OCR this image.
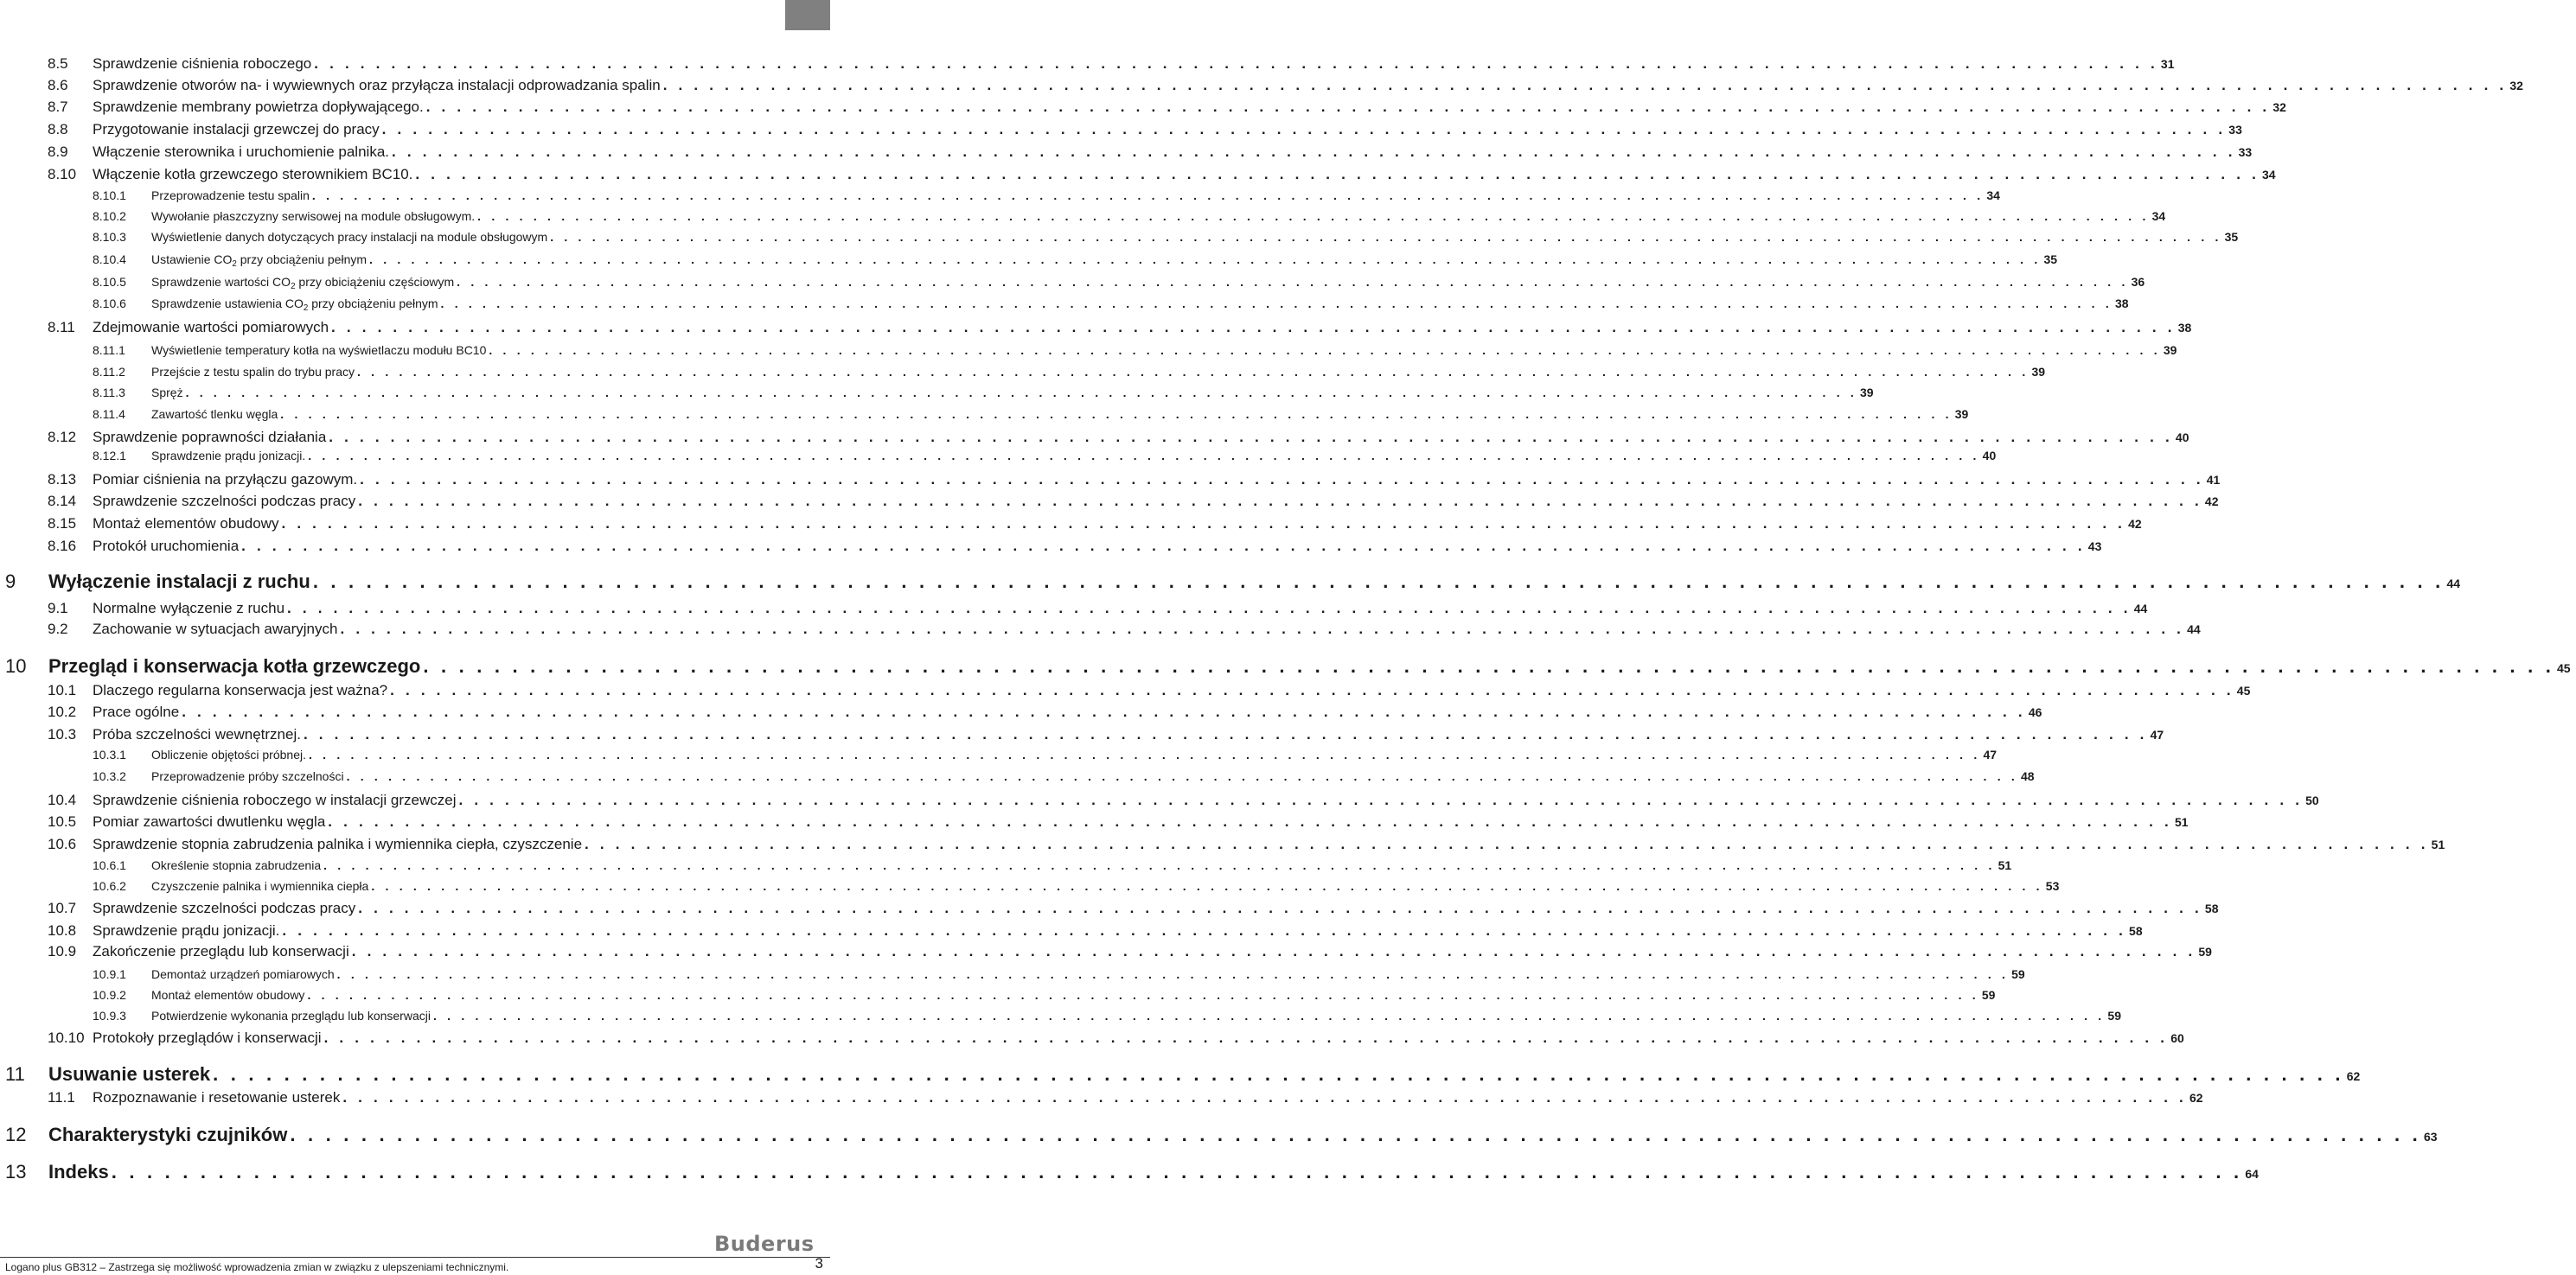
8.5	Sprawdzenie ciśnienia roboczego . . . . . . . . . . . . . . . . . . . . . . . . . . . . . . . . . . . . . . . . . . . . . . . . . . . . . . . . . . . . . . . . . . . . . . . . . . . . . . . . . . . . . . . . . . . . . . . . . . . . . . . . . . . . . . . . . . . . . . . . 31
8.6	Sprawdzenie otworów na- i wywiewnych oraz przyłącza instalacji odprowadzania spalin . . . . . . . . . . . . . . . . . . . . . . . . . . . . . . . . . . . . . . . . . . . . . . . . . . . . . . . . . . . . . . . . . . . . . . . . . . . . . . . . . . . . . . . . . . . . . . . . . . . . . . . . . . . . . . . . . . . . . . . . 32
8.7	Sprawdzenie membrany powietrza dopływającego. . . . . . . . . . . . . . . . . . . . . . . . . . . . . . . . . . . . . . . . . . . . . . . . . . . . . . . . . . . . . . . . . . . . . . . . . . . . . . . . . . . . . . . . . . . . . . . . . . . . . . . . . . . . . . . . . . . . . . . . . 32
8.8	Przygotowanie instalacji grzewczej do pracy . . . . . . . . . . . . . . . . . . . . . . . . . . . . . . . . . . . . . . . . . . . . . . . . . . . . . . . . . . . . . . . . . . . . . . . . . . . . . . . . . . . . . . . . . . . . . . . . . . . . . . . . . . . . . . . . . . . . . . . . 33
8.9	Włączenie sterownika i uruchomienie palnika. . . . . . . . . . . . . . . . . . . . . . . . . . . . . . . . . . . . . . . . . . . . . . . . . . . . . . . . . . . . . . . . . . . . . . . . . . . . . . . . . . . . . . . . . . . . . . . . . . . . . . . . . . . . . . . . . . . . . . . . . 33
8.10	Włączenie kotła grzewczego sterownikiem BC10. . . . . . . . . . . . . . . . . . . . . . . . . . . . . . . . . . . . . . . . . . . . . . . . . . . . . . . . . . . . . . . . . . . . . . . . . . . . . . . . . . . . . . . . . . . . . . . . . . . . . . . . . . . . . . . . . . . . . . . . . 34
8.10.1	Przeprowadzenie testu spalin . . . . . . . . . . . . . . . . . . . . . . . . . . . . . . . . . . . . . . . . . . . . . . . . . . . . . . . . . . . . . . . . . . . . . . . . . . . . . . . . . . . . . . . . . . . . . . . . . . . . . . . . . . . . . . . . . . . . . . . . 34
8.10.2	Wywołanie płaszczyzny serwisowej na module obsługowym. . . . . . . . . . . . . . . . . . . . . . . . . . . . . . . . . . . . . . . . . . . . . . . . . . . . . . . . . . . . . . . . . . . . . . . . . . . . . . . . . . . . . . . . . . . . . . . . . . . . . . . . . . . . . . . . . . . . . . . . . 34
8.10.3	Wyświetlenie danych dotyczących pracy instalacji na module obsługowym . . . . . . . . . . . . . . . . . . . . . . . . . . . . . . . . . . . . . . . . . . . . . . . . . . . . . . . . . . . . . . . . . . . . . . . . . . . . . . . . . . . . . . . . . . . . . . . . . . . . . . . . . . . . . . . . . . . . . . . . 35
8.10.4	Ustawienie $CO_2$ przy obciążeniu pełnym . . . . . . . . . . . . . . . . . . . . . . . . . . . . . . . . . . . . . . . . . . . . . . . . . . . . . . . . . . . . . . . . . . . . . . . . . . . . . . . . . . . . . . . . . . . . . . . . . . . . . . . . . . . . . . . . . . . . . . . . 35
8.10.5	Sprawdzenie wartości $CO_2$ przy obiciążeniu częściowym . . . . . . . . . . . . . . . . . . . . . . . . . . . . . . . . . . . . . . . . . . . . . . . . . . . . . . . . . . . . . . . . . . . . . . . . . . . . . . . . . . . . . . . . . . . . . . . . . . . . . . . . . . . . . . . . . . . . . . . . 36
8.10.6	Sprawdzenie ustawienia $CO_2$ przy obciążeniu pełnym . . . . . . . . . . . . . . . . . . . . . . . . . . . . . . . . . . . . . . . . . . . . . . . . . . . . . . . . . . . . . . . . . . . . . . . . . . . . . . . . . . . . . . . . . . . . . . . . . . . . . . . . . . . . . . . . . . . . . . . . 38
8.11	Zdejmowanie wartości pomiarowych . . . . . . . . . . . . . . . . . . . . . . . . . . . . . . . . . . . . . . . . . . . . . . . . . . . . . . . . . . . . . . . . . . . . . . . . . . . . . . . . . . . . . . . . . . . . . . . . . . . . . . . . . . . . . . . . . . . . . . . . 38
8.11.1	Wyświetlenie temperatury kotła na wyświetlaczu modułu BC10 . . . . . . . . . . . . . . . . . . . . . . . . . . . . . . . . . . . . . . . . . . . . . . . . . . . . . . . . . . . . . . . . . . . . . . . . . . . . . . . . . . . . . . . . . . . . . . . . . . . . . . . . . . . . . . . . . . . . . . . . 39
8.11.2	Przejście z testu spalin do trybu pracy . . . . . . . . . . . . . . . . . . . . . . . . . . . . . . . . . . . . . . . . . . . . . . . . . . . . . . . . . . . . . . . . . . . . . . . . . . . . . . . . . . . . . . . . . . . . . . . . . . . . . . . . . . . . . . . . . . . . . . . . 39
8.11.3	Spręż . . . . . . . . . . . . . . . . . . . . . . . . . . . . . . . . . . . . . . . . . . . . . . . . . . . . . . . . . . . . . . . . . . . . . . . . . . . . . . . . . . . . . . . . . . . . . . . . . . . . . . . . . . . . . . . . . . . . . . . . 39
8.11.4	Zawartość tlenku węgla . . . . . . . . . . . . . . . . . . . . . . . . . . . . . . . . . . . . . . . . . . . . . . . . . . . . . . . . . . . . . . . . . . . . . . . . . . . . . . . . . . . . . . . . . . . . . . . . . . . . . . . . . . . . . . . . . . . . . . . . 39
8.12	Sprawdzenie poprawności działania . . . . . . . . . . . . . . . . . . . . . . . . . . . . . . . . . . . . . . . . . . . . . . . . . . . . . . . . . . . . . . . . . . . . . . . . . . . . . . . . . . . . . . . . . . . . . . . . . . . . . . . . . . . . . . . . . . . . . . . . 40
8.12.1	Sprawdzenie prądu jonizacji. . . . . . . . . . . . . . . . . . . . . . . . . . . . . . . . . . . . . . . . . . . . . . . . . . . . . . . . . . . . . . . . . . . . . . . . . . . . . . . . . . . . . . . . . . . . . . . . . . . . . . . . . . . . . . . . . . . . . . . . . 40
8.13	Pomiar ciśnienia na przyłączu gazowym. . . . . . . . . . . . . . . . . . . . . . . . . . . . . . . . . . . . . . . . . . . . . . . . . . . . . . . . . . . . . . . . . . . . . . . . . . . . . . . . . . . . . . . . . . . . . . . . . . . . . . . . . . . . . . . . . . . . . . . . . 41
8.14	Sprawdzenie szczelności podczas pracy . . . . . . . . . . . . . . . . . . . . . . . . . . . . . . . . . . . . . . . . . . . . . . . . . . . . . . . . . . . . . . . . . . . . . . . . . . . . . . . . . . . . . . . . . . . . . . . . . . . . . . . . . . . . . . . . . . . . . . . . 42
8.15	Montaż elementów obudowy . . . . . . . . . . . . . . . . . . . . . . . . . . . . . . . . . . . . . . . . . . . . . . . . . . . . . . . . . . . . . . . . . . . . . . . . . . . . . . . . . . . . . . . . . . . . . . . . . . . . . . . . . . . . . . . . . . . . . . . . 42
8.16	Protokół uruchomienia . . . . . . . . . . . . . . . . . . . . . . . . . . . . . . . . . . . . . . . . . . . . . . . . . . . . . . . . . . . . . . . . . . . . . . . . . . . . . . . . . . . . . . . . . . . . . . . . . . . . . . . . . . . . . . . . . . . . . . . . 43
9	Wyłączenie instalacji z ruchu . . . . . . . . . . . . . . . . . . . . . . . . . . . . . . . . . . . . . . . . . . . . . . . . . . . . . . . . . . . . . . . . . . . . . . . . . . . . . . . . . . . . . . . . . . . . . . . . . . . . . . . . . . . . . . . . . . . . . . . . 44
9.1	Normalne wyłączenie z ruchu . . . . . . . . . . . . . . . . . . . . . . . . . . . . . . . . . . . . . . . . . . . . . . . . . . . . . . . . . . . . . . . . . . . . . . . . . . . . . . . . . . . . . . . . . . . . . . . . . . . . . . . . . . . . . . . . . . . . . . . . 44
9.2	Zachowanie w sytuacjach awaryjnych . . . . . . . . . . . . . . . . . . . . . . . . . . . . . . . . . . . . . . . . . . . . . . . . . . . . . . . . . . . . . . . . . . . . . . . . . . . . . . . . . . . . . . . . . . . . . . . . . . . . . . . . . . . . . . . . . . . . . . . . 44
10	Przegląd i konserwacja kotła grzewczego . . . . . . . . . . . . . . . . . . . . . . . . . . . . . . . . . . . . . . . . . . . . . . . . . . . . . . . . . . . . . . . . . . . . . . . . . . . . . . . . . . . . . . . . . . . . . . . . . . . . . . . . . . . . . . . . . . . . . . . . 45
10.1	Dlaczego regularna konserwacja jest ważna? . . . . . . . . . . . . . . . . . . . . . . . . . . . . . . . . . . . . . . . . . . . . . . . . . . . . . . . . . . . . . . . . . . . . . . . . . . . . . . . . . . . . . . . . . . . . . . . . . . . . . . . . . . . . . . . . . . . . . . . . 45
10.2	Prace ogólne . . . . . . . . . . . . . . . . . . . . . . . . . . . . . . . . . . . . . . . . . . . . . . . . . . . . . . . . . . . . . . . . . . . . . . . . . . . . . . . . . . . . . . . . . . . . . . . . . . . . . . . . . . . . . . . . . . . . . . . . 46
10.3	Próba szczelności wewnętrznej. . . . . . . . . . . . . . . . . . . . . . . . . . . . . . . . . . . . . . . . . . . . . . . . . . . . . . . . . . . . . . . . . . . . . . . . . . . . . . . . . . . . . . . . . . . . . . . . . . . . . . . . . . . . . . . . . . . . . . . . . 47
10.3.1	Obliczenie objętości próbnej. . . . . . . . . . . . . . . . . . . . . . . . . . . . . . . . . . . . . . . . . . . . . . . . . . . . . . . . . . . . . . . . . . . . . . . . . . . . . . . . . . . . . . . . . . . . . . . . . . . . . . . . . . . . . . . . . . . . . . . . . 47
10.3.2	Przeprowadzenie próby szczelności . . . . . . . . . . . . . . . . . . . . . . . . . . . . . . . . . . . . . . . . . . . . . . . . . . . . . . . . . . . . . . . . . . . . . . . . . . . . . . . . . . . . . . . . . . . . . . . . . . . . . . . . . . . . . . . . . . . . . . . . 48
10.4	Sprawdzenie ciśnienia roboczego w instalacji grzewczej . . . . . . . . . . . . . . . . . . . . . . . . . . . . . . . . . . . . . . . . . . . . . . . . . . . . . . . . . . . . . . . . . . . . . . . . . . . . . . . . . . . . . . . . . . . . . . . . . . . . . . . . . . . . . . . . . . . . . . . . 50
10.5	Pomiar zawartości dwutlenku węgla . . . . . . . . . . . . . . . . . . . . . . . . . . . . . . . . . . . . . . . . . . . . . . . . . . . . . . . . . . . . . . . . . . . . . . . . . . . . . . . . . . . . . . . . . . . . . . . . . . . . . . . . . . . . . . . . . . . . . . . . 51
10.6	Sprawdzenie stopnia zabrudzenia palnika i wymiennika ciepła, czyszczenie . . . . . . . . . . . . . . . . . . . . . . . . . . . . . . . . . . . . . . . . . . . . . . . . . . . . . . . . . . . . . . . . . . . . . . . . . . . . . . . . . . . . . . . . . . . . . . . . . . . . . . . . . . . . . . . . . . . . . . . . 51
10.6.1	Określenie stopnia zabrudzenia . . . . . . . . . . . . . . . . . . . . . . . . . . . . . . . . . . . . . . . . . . . . . . . . . . . . . . . . . . . . . . . . . . . . . . . . . . . . . . . . . . . . . . . . . . . . . . . . . . . . . . . . . . . . . . . . . . . . . . . . 51
10.6.2	Czyszczenie palnika i wymiennika ciepła . . . . . . . . . . . . . . . . . . . . . . . . . . . . . . . . . . . . . . . . . . . . . . . . . . . . . . . . . . . . . . . . . . . . . . . . . . . . . . . . . . . . . . . . . . . . . . . . . . . . . . . . . . . . . . . . . . . . . . . . 53
10.7	Sprawdzenie szczelności podczas pracy . . . . . . . . . . . . . . . . . . . . . . . . . . . . . . . . . . . . . . . . . . . . . . . . . . . . . . . . . . . . . . . . . . . . . . . . . . . . . . . . . . . . . . . . . . . . . . . . . . . . . . . . . . . . . . . . . . . . . . . . 58
10.8	Sprawdzenie prądu jonizacji. . . . . . . . . . . . . . . . . . . . . . . . . . . . . . . . . . . . . . . . . . . . . . . . . . . . . . . . . . . . . . . . . . . . . . . . . . . . . . . . . . . . . . . . . . . . . . . . . . . . . . . . . . . . . . . . . . . . . . . . . 58
10.9	Zakończenie przeglądu lub konserwacji . . . . . . . . . . . . . . . . . . . . . . . . . . . . . . . . . . . . . . . . . . . . . . . . . . . . . . . . . . . . . . . . . . . . . . . . . . . . . . . . . . . . . . . . . . . . . . . . . . . . . . . . . . . . . . . . . . . . . . . . 59
10.9.1	Demontaż urządzeń pomiarowych . . . . . . . . . . . . . . . . . . . . . . . . . . . . . . . . . . . . . . . . . . . . . . . . . . . . . . . . . . . . . . . . . . . . . . . . . . . . . . . . . . . . . . . . . . . . . . . . . . . . . . . . . . . . . . . . . . . . . . . . 59
10.9.2	Montaż elementów obudowy . . . . . . . . . . . . . . . . . . . . . . . . . . . . . . . . . . . . . . . . . . . . . . . . . . . . . . . . . . . . . . . . . . . . . . . . . . . . . . . . . . . . . . . . . . . . . . . . . . . . . . . . . . . . . . . . . . . . . . . . 59
10.9.3	Potwierdzenie wykonania przeglądu lub konserwacji . . . . . . . . . . . . . . . . . . . . . . . . . . . . . . . . . . . . . . . . . . . . . . . . . . . . . . . . . . . . . . . . . . . . . . . . . . . . . . . . . . . . . . . . . . . . . . . . . . . . . . . . . . . . . . . . . . . . . . . . 59
10.10 Protokoły przeglądów i konserwacji . . . . . . . . . . . . . . . . . . . . . . . . . . . . . . . . . . . . . . . . . . . . . . . . . . . . . . . . . . . . . . . . . . . . . . . . . . . . . . . . . . . . . . . . . . . . . . . . . . . . . . . . . . . . . . . . . . . . . . . . 60
11	Usuwanie usterek . . . . . . . . . . . . . . . . . . . . . . . . . . . . . . . . . . . . . . . . . . . . . . . . . . . . . . . . . . . . . . . . . . . . . . . . . . . . . . . . . . . . . . . . . . . . . . . . . . . . . . . . . . . . . . . . . . . . . . . . 62
11.1	Rozpoznawanie i resetowanie usterek . . . . . . . . . . . . . . . . . . . . . . . . . . . . . . . . . . . . . . . . . . . . . . . . . . . . . . . . . . . . . . . . . . . . . . . . . . . . . . . . . . . . . . . . . . . . . . . . . . . . . . . . . . . . . . . . . . . . . . . . 62
12	Charakterystyki czujników . . . . . . . . . . . . . . . . . . . . . . . . . . . . . . . . . . . . . . . . . . . . . . . . . . . . . . . . . . . . . . . . . . . . . . . . . . . . . . . . . . . . . . . . . . . . . . . . . . . . . . . . . . . . . . . . . . . . . . . . 63
13	Indeks . . . . . . . . . . . . . . . . . . . . . . . . . . . . . . . . . . . . . . . . . . . . . . . . . . . . . . . . . . . . . . . . . . . . . . . . . . . . . . . . . . . . . . . . . . . . . . . . . . . . . . . . . . . . . . . . . . . . . . . . 64
Buderus
Logano plus GB312 – Zastrzega się możliwość wprowadzenia zmian w związku z ulepszeniami technicznymi.	3
